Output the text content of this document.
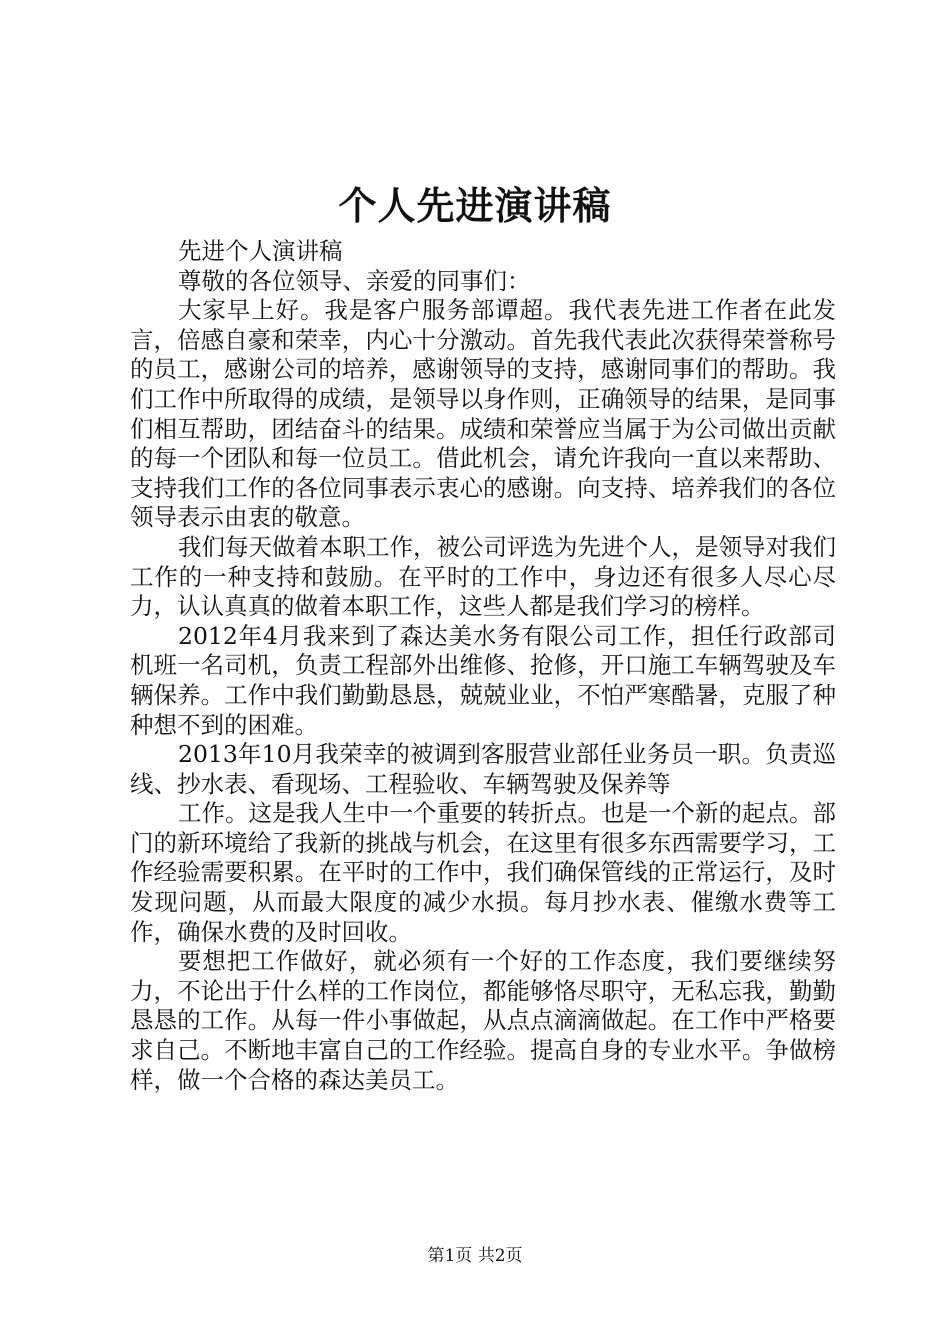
个人先进演讲稿

先进个人演讲稿

尊敬的各位领导、亲爱的同事们：

大家早上好。我是客户服务部谭超。我代表先进工作者在此发言，倍感自豪和荣幸，内心十分激动。首先我代表此次获得荣誉称号的员工，感谢公司的培养，感谢领导的支持，感谢同事们的帮助。我们工作中所取得的成绩，是领导以身作则，正确领导的结果，是同事们相互帮助，团结奋斗的结果。成绩和荣誉应当属于为公司做出贡献的每一个团队和每一位员工。借此机会，请允许我向一直以来帮助、支持我们工作的各位同事表示衷心的感谢。向支持、培养我们的各位领导表示由衷的敬意。

我们每天做着本职工作，被公司评选为先进个人，是领导对我们工作的一种支持和鼓励。在平时的工作中，身边还有很多人尽心尽力，认认真真的做着本职工作，这些人都是我们学习的榜样。

2012年4月我来到了森达美水务有限公司工作，担任行政部司机班一名司机，负责工程部外出维修、抢修，开口施工车辆驾驶及车辆保养。工作中我们勤勤恳恳，兢兢业业，不怕严寒酷暑，克服了种种想不到的困难。

2013年10月我荣幸的被调到客服营业部任业务员一职。负责巡线、抄水表、看现场、工程验收、车辆驾驶及保养等

工作。这是我人生中一个重要的转折点。也是一个新的起点。部门的新环境给了我新的挑战与机会，在这里有很多东西需要学习，工作经验需要积累。在平时的工作中，我们确保管线的正常运行，及时发现问题，从而最大限度的减少水损。每月抄水表、催缴水费等工作，确保水费的及时回收。

要想把工作做好，就必须有一个好的工作态度，我们要继续努力，不论出于什么样的工作岗位，都能够恪尽职守，无私忘我，勤勤恳恳的工作。从每一件小事做起，从点点滴滴做起。在工作中严格要求自己。不断地丰富自己的工作经验。提高自身的专业水平。争做榜样，做一个合格的森达美员工。

第1页 共2页
